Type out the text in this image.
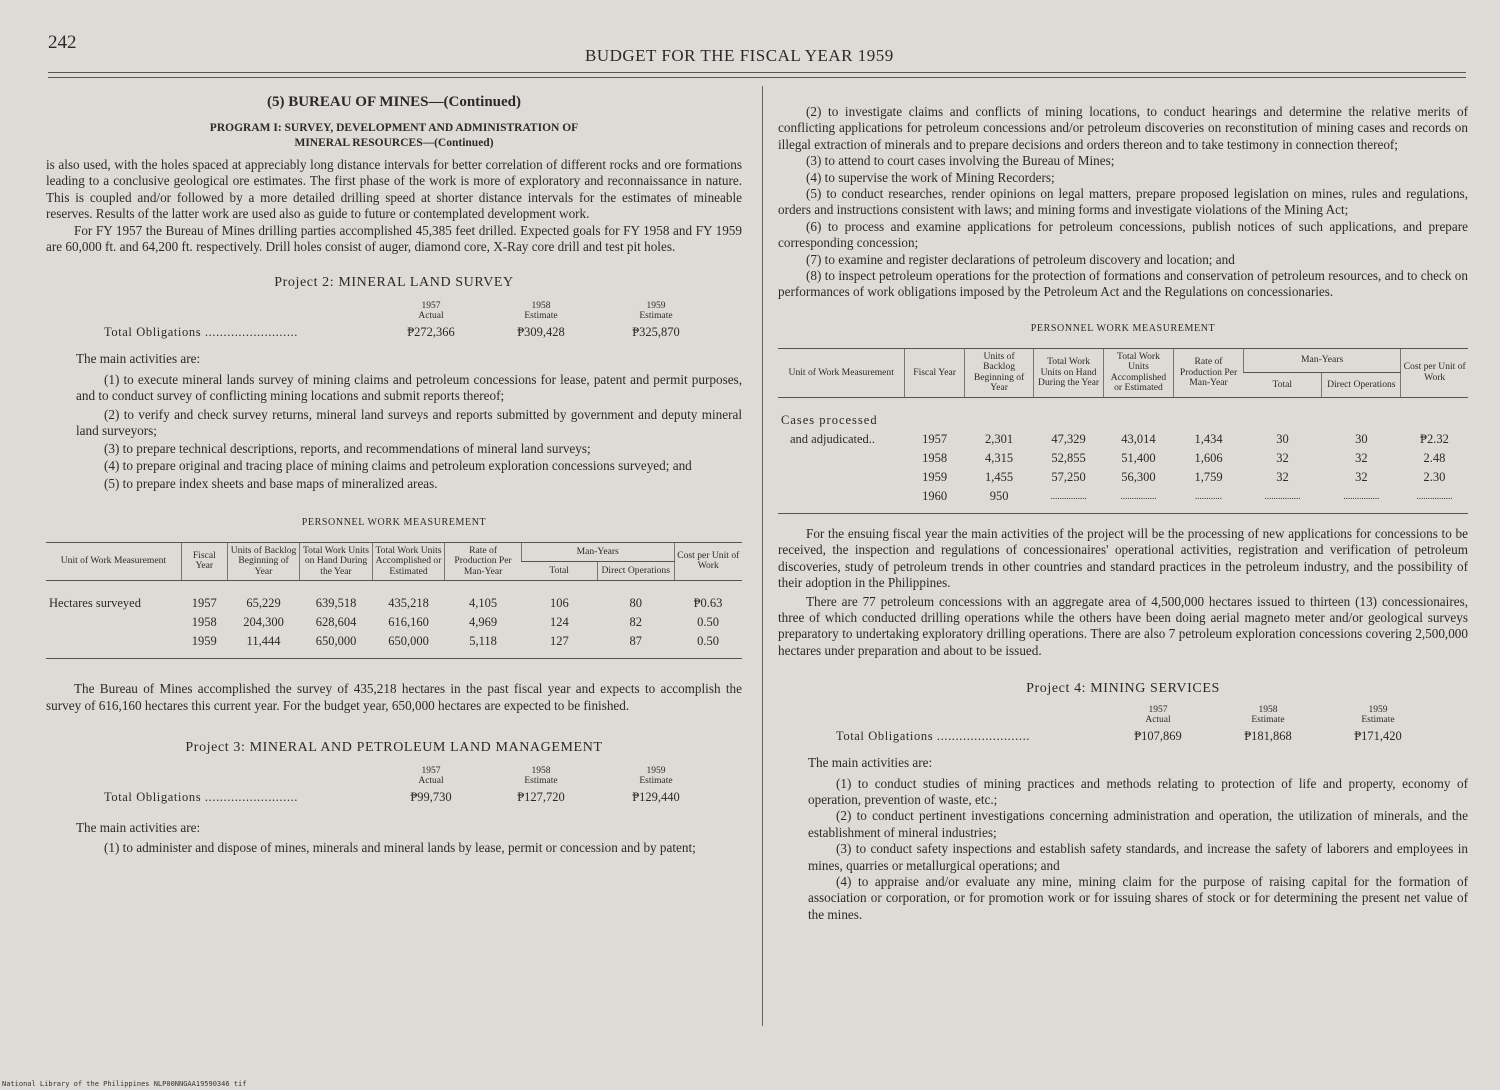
242
BUDGET FOR THE FISCAL YEAR 1959
(5) BUREAU OF MINES—(Continued)
PROGRAM I: SURVEY, DEVELOPMENT AND ADMINISTRATION OF
MINERAL RESOURCES—(Continued)

is also used, with the holes spaced at appreciably long distance intervals for better correlation of different rocks and ore formations leading to a conclusive geological ore estimates. The first phase of the work is more of exploratory and reconnaissance in nature. This is coupled and/or followed by a more detailed drilling speed at shorter distance intervals for the estimates of mineable reserves. Results of the latter work are used also as guide to future or contemplated development work.

For FY 1957 the Bureau of Mines drilling parties accomplished 45,385 feet drilled. Expected goals for FY 1958 and FY 1959 are 60,000 ft. and 64,200 ft. respectively. Drill holes consist of auger, diamond core, X-Ray core drill and test pit holes.

Project 2: MINERAL LAND SURVEY
1957
Actual
1958
Estimate
1959
Estimate
Total Obligations .........................	₱272,366	₱309,428	₱325,870

The main activities are:

(1) to execute mineral lands survey of mining claims and petroleum concessions for lease, patent and permit purposes, and to conduct survey of conflicting mining locations and submit reports thereof;

(2) to verify and check survey returns, mineral land surveys and reports submitted by government and deputy mineral land surveyors;

(3) to prepare technical descriptions, reports, and recommendations of mineral land surveys;

(4) to prepare original and tracing place of mining claims and petroleum exploration concessions surveyed; and

(5) to prepare index sheets and base maps of mineralized areas.

PERSONNEL WORK MEASUREMENT
Unit of Work Measurement	Fiscal Year	Units of Backlog Beginning of Year	Total Work Units on Hand During the Year	Total Work Units Accomplished or Estimated	Rate of Production Per Man-Year	Man-Years		Cost per Unit of Work
						Total	Direct Operations	
Hectares surveyed	1957	65,229	639,518	435,218	4,105	106	80	₱0.63
	1958	204,300	628,604	616,160	4,969	124	82	0.50
	1959	11,444	650,000	650,000	5,118	127	87	0.50

The Bureau of Mines accomplished the survey of 435,218 hectares in the past fiscal year and expects to accomplish the survey of 616,160 hectares this current year. For the budget year, 650,000 hectares are expected to be finished.

Project 3: MINERAL AND PETROLEUM LAND MANAGEMENT
1957
Actual
1958
Estimate
1959
Estimate
Total Obligations .........................	₱99,730	₱127,720	₱129,440

The main activities are:

(1) to administer and dispose of mines, minerals and mineral lands by lease, permit or concession and by patent;

(2) to investigate claims and conflicts of mining locations, to conduct hearings and determine the relative merits of conflicting applications for petroleum concessions and/or petroleum discoveries on reconstitution of mining cases and records on illegal extraction of minerals and to prepare decisions and orders thereon and to take testimony in connection thereof;

(3) to attend to court cases involving the Bureau of Mines;

(4) to supervise the work of Mining Recorders;

(5) to conduct researches, render opinions on legal matters, prepare proposed legislation on mines, rules and regulations, orders and instructions consistent with laws; and mining forms and investigate violations of the Mining Act;

(6) to process and examine applications for petroleum concessions, publish notices of such applications, and prepare corresponding concession;

(7) to examine and register declarations of petroleum discovery and location; and

(8) to inspect petroleum operations for the protection of formations and conservation of petroleum resources, and to check on performances of work obligations imposed by the Petroleum Act and the Regulations on concessionaries.

PERSONNEL WORK MEASUREMENT
Unit of Work Measurement	Fiscal Year	Units of Backlog Beginning of Year	Total Work Units on Hand During the Year	Total Work Units Accomplished or Estimated	Rate of Production Per Man-Year	Man-Years		Cost per Unit of Work
						Total	Direct Operations	
Cases processed								
and adjudicated..	1957	2,301	47,329	43,014	1,434	30	30	₱2.32
	1958	4,315	52,855	51,400	1,606	32	32	2.48
	1959	1,455	57,250	56,300	1,759	32	32	2.30
	1960	950	................	................	............	................	................	................

For the ensuing fiscal year the main activities of the project will be the processing of new applications for concessions to be received, the inspection and regulations of concessionaires' operational activities, registration and verification of petroleum discoveries, study of petroleum trends in other countries and standard practices in the petroleum industry, and the possibility of their adoption in the Philippines.

There are 77 petroleum concessions with an aggregate area of 4,500,000 hectares issued to thirteen (13) concessionaires, three of which conducted drilling operations while the others have been doing aerial magneto meter and/or geological surveys preparatory to undertaking exploratory drilling operations. There are also 7 petroleum exploration concessions covering 2,500,000 hectares under preparation and about to be issued.

Project 4: MINING SERVICES
1957
Actual
1958
Estimate
1959
Estimate
Total Obligations .........................	₱107,869	₱181,868	₱171,420

The main activities are:

(1) to conduct studies of mining practices and methods relating to protection of life and property, economy of operation, prevention of waste, etc.;

(2) to conduct pertinent investigations concerning administration and operation, the utilization of minerals, and the establishment of mineral industries;

(3) to conduct safety inspections and establish safety standards, and increase the safety of laborers and employees in mines, quarries or metallurgical operations; and

(4) to appraise and/or evaluate any mine, mining claim for the purpose of raising capital for the formation of association or corporation, or for promotion work or for issuing shares of stock or for determining the present net value of the mines.

National Library of the Philippines NLP00NNGAA19590346 tif
